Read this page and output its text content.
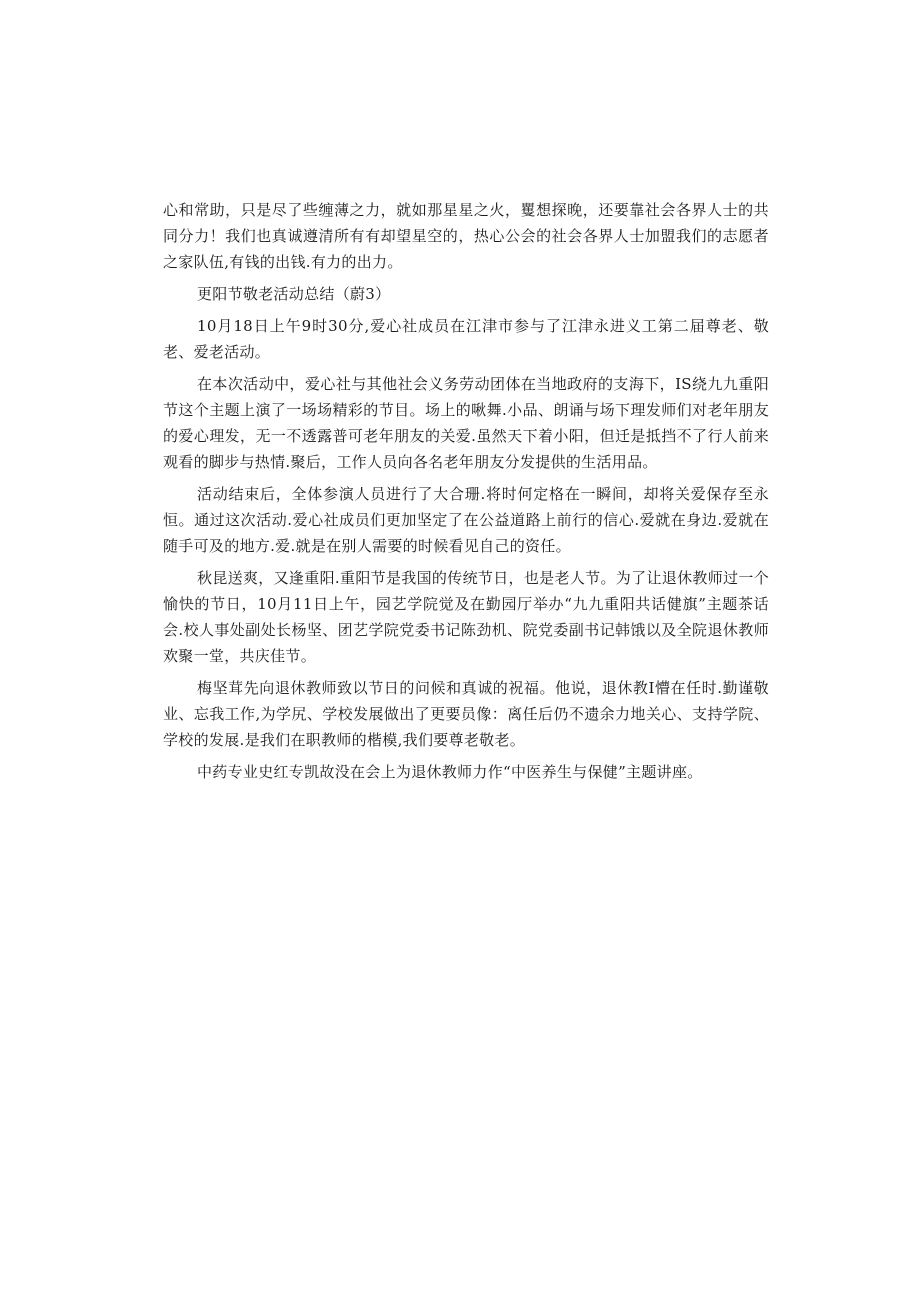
心和常助，只是尽了些缠薄之力，就如那星星之火，矍想探晚，还要靠社会各界人士的共同分力！我们也真诚遵清所有有却望星空的，热心公会的社会各界人士加盟我们的志愿者之家队伍,有钱的出钱.有力的出力。

更阳节敬老活动总结（蔚3）

10月18日上午9时30分,爱心社成员在江津市参与了江津永进义工第二届尊老、敬老、爱老活动。

在本次活动中，爱心社与其他社会义务劳动团体在当地政府的支海下，IS绕九九重阳节这个主题上演了一场场精彩的节目。场上的啾舞.小品、朗诵与场下理发师们对老年朋友的爱心理发，无一不透露普可老年朋友的关爱.虽然天下着小阳，但迁是抵挡不了行人前来观看的脚步与热情.聚后，工作人员向各名老年朋友分发提供的生活用品。

活动结束后，全体参演人员进行了大合珊.将时何定格在一瞬间，却将关爱保存至永恒。通过这次活动.爱心社成员们更加坚定了在公益道路上前行的信心.爱就在身边.爱就在随手可及的地方.爱.就是在别人需要的时候看见自己的资任。

秋昆送爽，又逢重阳.重阳节是我国的传统节日，也是老人节。为了让退休教师过一个愉快的节日，10月11日上午，园艺学院觉及在勤园厅举办“九九重阳共话健旗”主题茶话会.校人事处副处长杨坚、团艺学院党委书记陈劲机、院党委副书记韩饿以及全院退休教师欢聚一堂，共庆佳节。

梅坚茸先向退休教师致以节日的问候和真诚的祝福。他说，退休教I懵在任时.勤谨敬业、忘我工作,为学尻、学校发展做出了更要员像：离任后仍不遗余力地关心、支持学院、学校的发展.是我们在职教师的楷模,我们要尊老敬老。

中药专业史红专凯故没在会上为退休教师力作“中医养生与保健”主题讲座。
